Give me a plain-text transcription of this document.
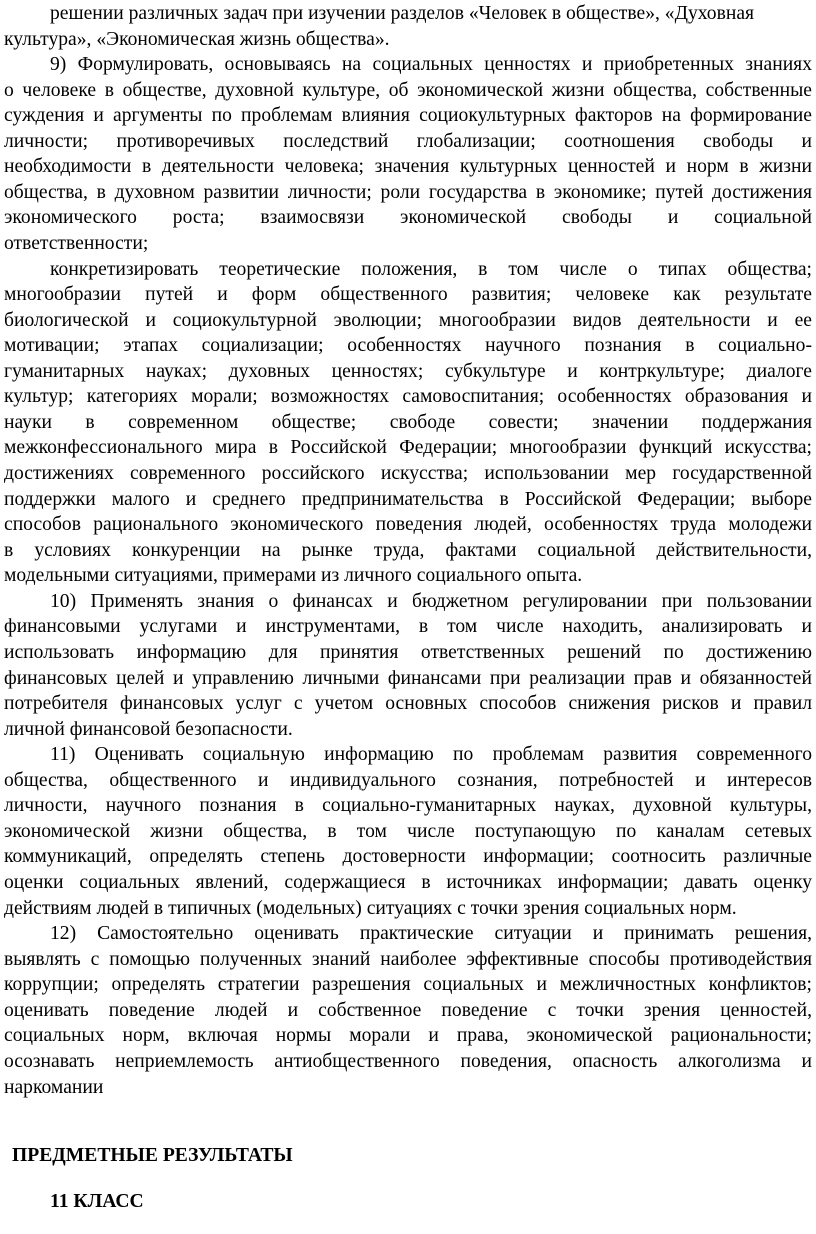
решении различных задач при изучении разделов «Человек в обществе», «Духовная
культура», «Экономическая жизнь общества».
9) Формулировать, основываясь на социальных ценностях и приобретенных знаниях
о человеке в обществе, духовной культуре, об экономической жизни общества, собственные
суждения и аргументы по проблемам влияния социокультурных факторов на формирование
личности; противоречивых последствий глобализации; соотношения свободы и
необходимости в деятельности человека; значения культурных ценностей и норм в жизни
общества, в духовном развитии личности; роли государства в экономике; путей достижения
экономического роста; взаимосвязи экономической свободы и социальной
ответственности;
конкретизировать теоретические положения, в том числе о типах общества;
многообразии путей и форм общественного развития; человеке как результате
биологической и социокультурной эволюции; многообразии видов деятельности и ее
мотивации; этапах социализации; особенностях научного познания в социально-
гуманитарных науках; духовных ценностях; субкультуре и контркультуре; диалоге
культур; категориях морали; возможностях самовоспитания; особенностях образования и
науки в современном обществе; свободе совести; значении поддержания
межконфессионального мира в Российской Федерации; многообразии функций искусства;
достижениях современного российского искусства; использовании мер государственной
поддержки малого и среднего предпринимательства в Российской Федерации; выборе
способов рационального экономического поведения людей, особенностях труда молодежи
в условиях конкуренции на рынке труда, фактами социальной действительности,
модельными ситуациями, примерами из личного социального опыта.
10) Применять знания о финансах и бюджетном регулировании при пользовании
финансовыми услугами и инструментами, в том числе находить, анализировать и
использовать информацию для принятия ответственных решений по достижению
финансовых целей и управлению личными финансами при реализации прав и обязанностей
потребителя финансовых услуг с учетом основных способов снижения рисков и правил
личной финансовой безопасности.
11) Оценивать социальную информацию по проблемам развития современного
общества, общественного и индивидуального сознания, потребностей и интересов
личности, научного познания в социально-гуманитарных науках, духовной культуры,
экономической жизни общества, в том числе поступающую по каналам сетевых
коммуникаций, определять степень достоверности информации; соотносить различные
оценки социальных явлений, содержащиеся в источниках информации; давать оценку
действиям людей в типичных (модельных) ситуациях с точки зрения социальных норм.
12) Самостоятельно оценивать практические ситуации и принимать решения,
выявлять с помощью полученных знаний наиболее эффективные способы противодействия
коррупции; определять стратегии разрешения социальных и межличностных конфликтов;
оценивать поведение людей и собственное поведение с точки зрения ценностей,
социальных норм, включая нормы морали и права, экономической рациональности;
осознавать неприемлемость антиобщественного поведения, опасность алкоголизма и
наркомании
ПРЕДМЕТНЫЕ РЕЗУЛЬТАТЫ
11 КЛАСС
